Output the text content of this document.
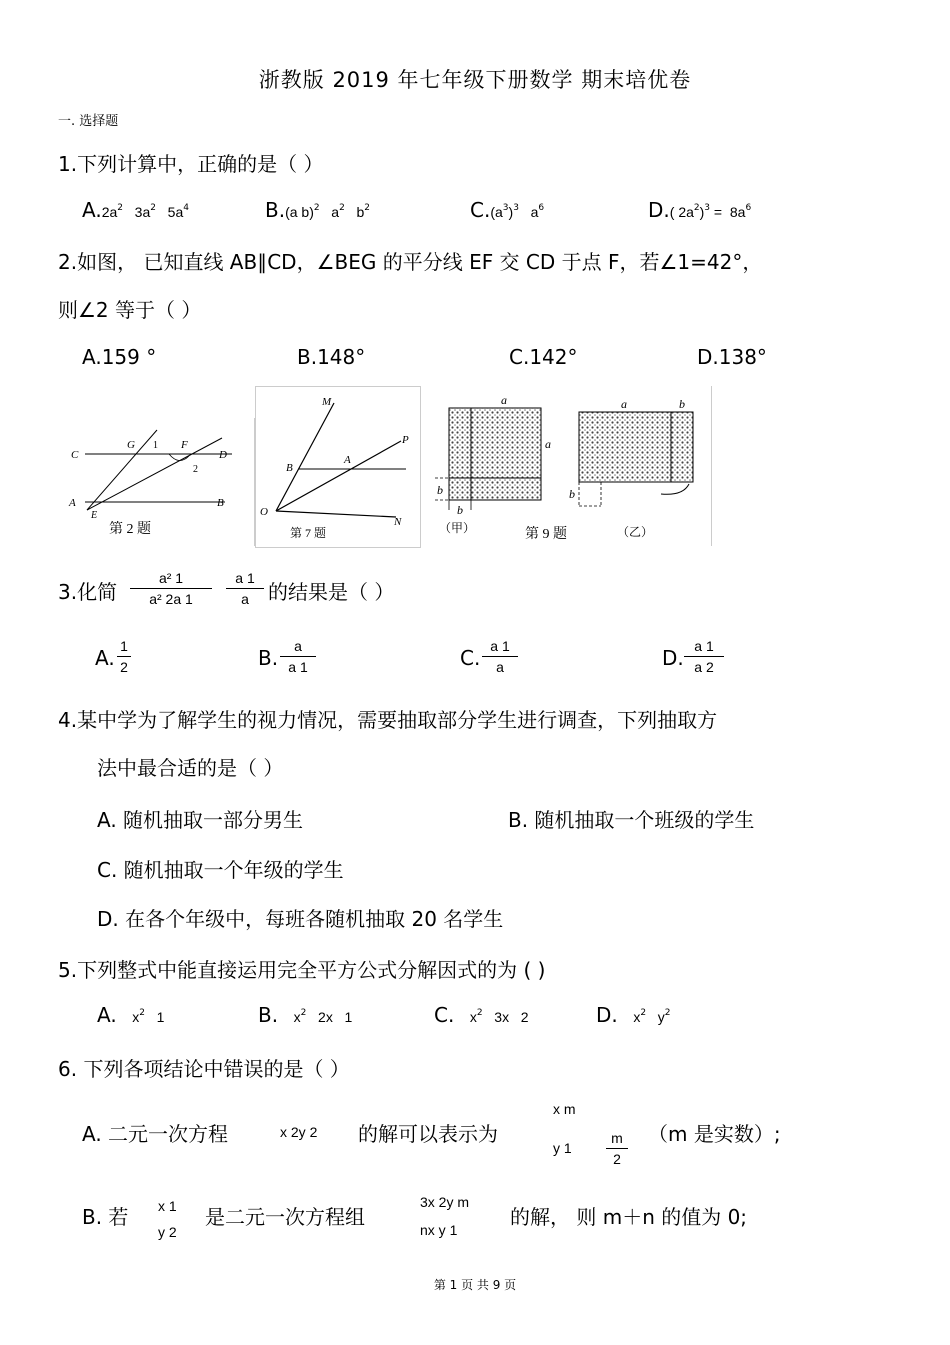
浙教版 2019 年七年级下册数学 期末培优卷
一. 选择题
1.下列计算中，正确的是（ ）
$A.2a^2$   $3a^2$   $5a^4$	B.(a b)$^2$   $a^2$   $b^2$	$C.(a^3)^3$   $a^6$	D.( $2a^2)^3 = 8a^6$
2.如图， 已知直线 AB∥CD，∠BEG 的平分线 EF 交 CD 于点 F，若∠1=42°，
则∠2 等于（ ）
A.159 °	B.148°	C.142°	D.138°
C	D
A	B
E
G 1 F
2
第 2 题
M
P
B
A
O
N
第 7 题
a
a
b
b
a	b
b
（甲）	第 9 题	（乙）
3.化简 $\frac{\text{a² 1}}{\text{a² 2a 1}} \frac{a 1}{a}$ 的结果是（ ）
A. $\frac{1}{2}$	B. $\frac{a}{a 1}$	C. $\frac{a 1}{a}$	D. $\frac{a 1}{a 2}$
4.某中学为了解学生的视力情况，需要抽取部分学生进行调查，下列抽取方
法中最合适的是（ ）
A. 随机抽取一部分男生	B. 随机抽取一个班级的学生
C. 随机抽取一个年级的学生
D. 在各个年级中，每班各随机抽取 20 名学生
5.下列整式中能直接运用完全平方公式分解因式的为 ( )
A.    $x^2$   1	B.    $x^2$   2x   1	C.    $x^2$   3x   2	D.    $x^2$   $y^2$
6. 下列各项结论中错误的是（ ）
A. 二元一次方程	x 2y 2 的解可以表示为
x m
y $1 \frac{m}{2} (m$ 是实数）;
B. 若 x 1
y 2
是二元一次方程组
3x 2y m
nx y 1
的解， 则 m＋n 的值为 0;
第 1 页 共 9 页
